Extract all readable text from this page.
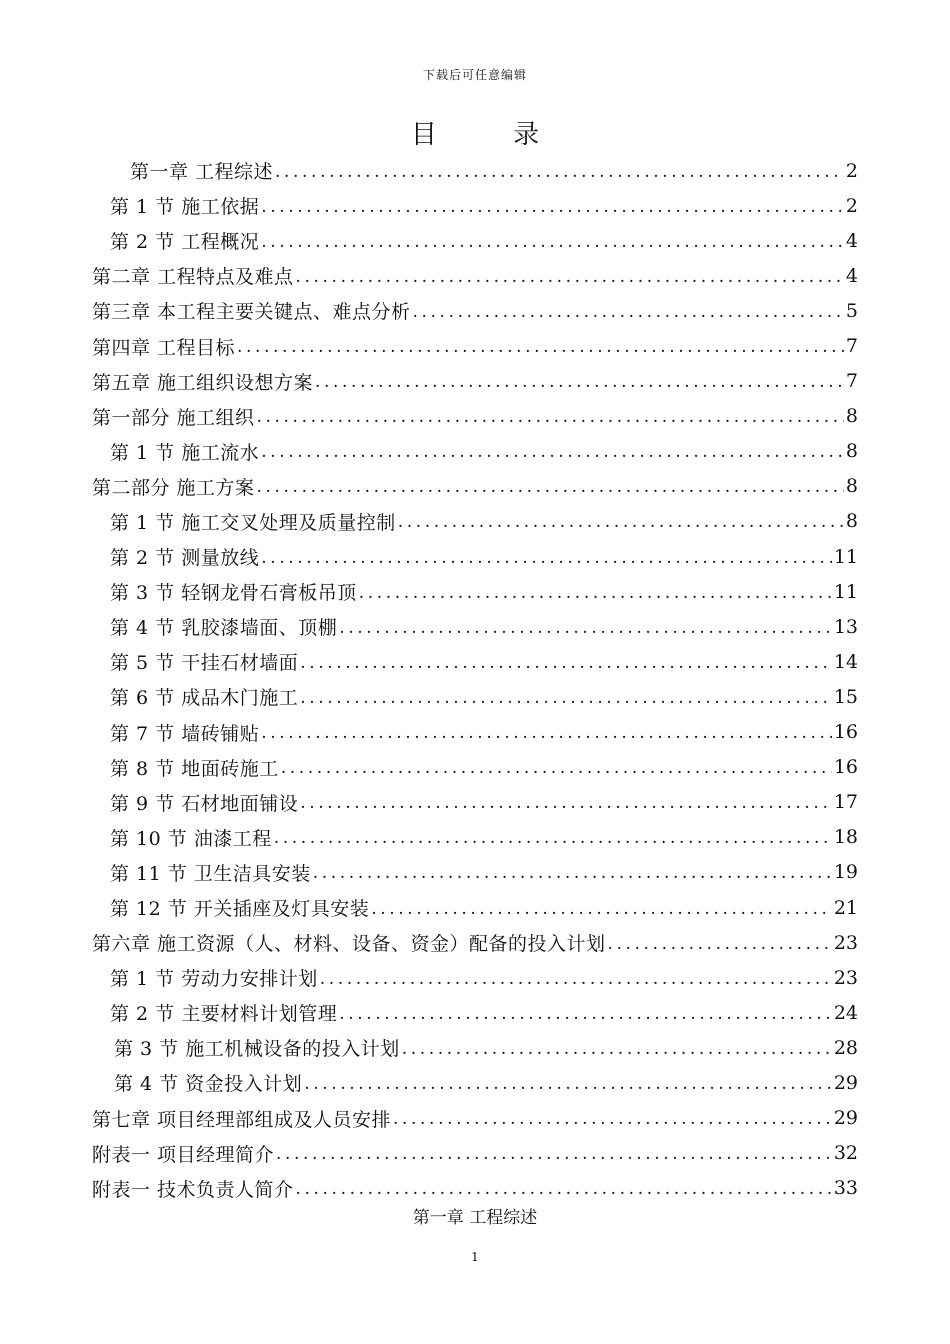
下载后可任意编辑
目 录
第一章 工程综述 .....	2
第 1 节 施工依据 .....	2
第 2 节 工程概况 .....	4
第二章 工程特点及难点 .....	4
第三章 本工程主要关键点、难点分析 .....	5
第四章 工程目标 .....	7
第五章 施工组织设想方案 .....	7
第一部分 施工组织 .....	8
第 1 节 施工流水 .....	8
第二部分 施工方案 .....	8
第 1 节 施工交叉处理及质量控制 .....	8
第 2 节 测量放线 .....	11
第 3 节 轻钢龙骨石膏板吊顶 .....	11
第 4 节 乳胶漆墙面、顶棚 .....	13
第 5 节 干挂石材墙面 .....	14
第 6 节 成品木门施工 .....	15
第 7 节 墙砖铺贴 .....	16
第 8 节 地面砖施工 .....	16
第 9 节 石材地面铺设 .....	17
第 10 节 油漆工程 .....	18
第 11 节 卫生洁具安装 .....	19
第 12 节 开关插座及灯具安装 .....	21
第六章 施工资源（人、材料、设备、资金）配备的投入计划 .....	23
第 1 节 劳动力安排计划 .....	23
第 2 节 主要材料计划管理 .....	24
第 3 节 施工机械设备的投入计划 .....	28
第 4 节 资金投入计划 .....	29
第七章 项目经理部组成及人员安排 .....	29
附表一 项目经理简介 .....	32
附表一 技术负责人简介 .....	33
第一章 工程综述
1
